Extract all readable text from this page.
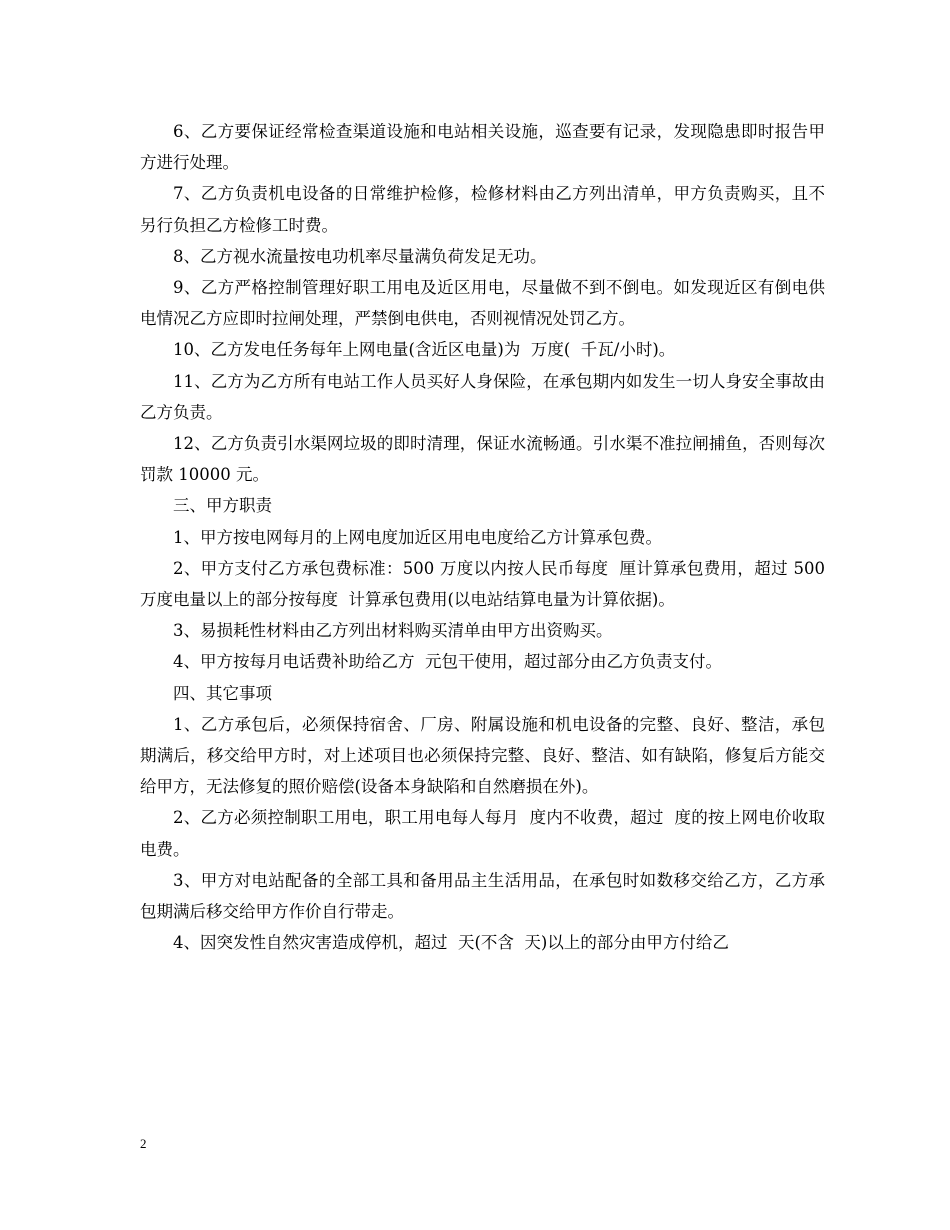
6、乙方要保证经常检查渠道设施和电站相关设施，巡查要有记录，发现隐患即时报告甲方进行处理。

7、乙方负责机电设备的日常维护检修，检修材料由乙方列出清单，甲方负责购买，且不另行负担乙方检修工时费。

8、乙方视水流量按电功机率尽量满负荷发足无功。

9、乙方严格控制管理好职工用电及近区用电，尽量做不到不倒电。如发现近区有倒电供电情况乙方应即时拉闸处理，严禁倒电供电，否则视情况处罚乙方。

10、乙方发电任务每年上网电量(含近区电量)为  万度(  千瓦/小时)。

11、乙方为乙方所有电站工作人员买好人身保险，在承包期内如发生一切人身安全事故由乙方负责。

12、乙方负责引水渠网垃圾的即时清理，保证水流畅通。引水渠不准拉闸捕鱼，否则每次罚款 10000 元。

三、甲方职责

1、甲方按电网每月的上网电度加近区用电电度给乙方计算承包费。

2、甲方支付乙方承包费标准：500 万度以内按人民币每度  厘计算承包费用，超过 500 万度电量以上的部分按每度  计算承包费用(以电站结算电量为计算依据)。

3、易损耗性材料由乙方列出材料购买清单由甲方出资购买。

4、甲方按每月电话费补助给乙方  元包干使用，超过部分由乙方负责支付。

四、其它事项

1、乙方承包后，必须保持宿舍、厂房、附属设施和机电设备的完整、良好、整洁，承包期满后，移交给甲方时，对上述项目也必须保持完整、良好、整洁、如有缺陷，修复后方能交给甲方，无法修复的照价赔偿(设备本身缺陷和自然磨损在外)。

2、乙方必须控制职工用电，职工用电每人每月  度内不收费，超过  度的按上网电价收取电费。

3、甲方对电站配备的全部工具和备用品主生活用品，在承包时如数移交给乙方，乙方承包期满后移交给甲方作价自行带走。

4、因突发性自然灾害造成停机，超过  天(不含  天)以上的部分由甲方付给乙

2
